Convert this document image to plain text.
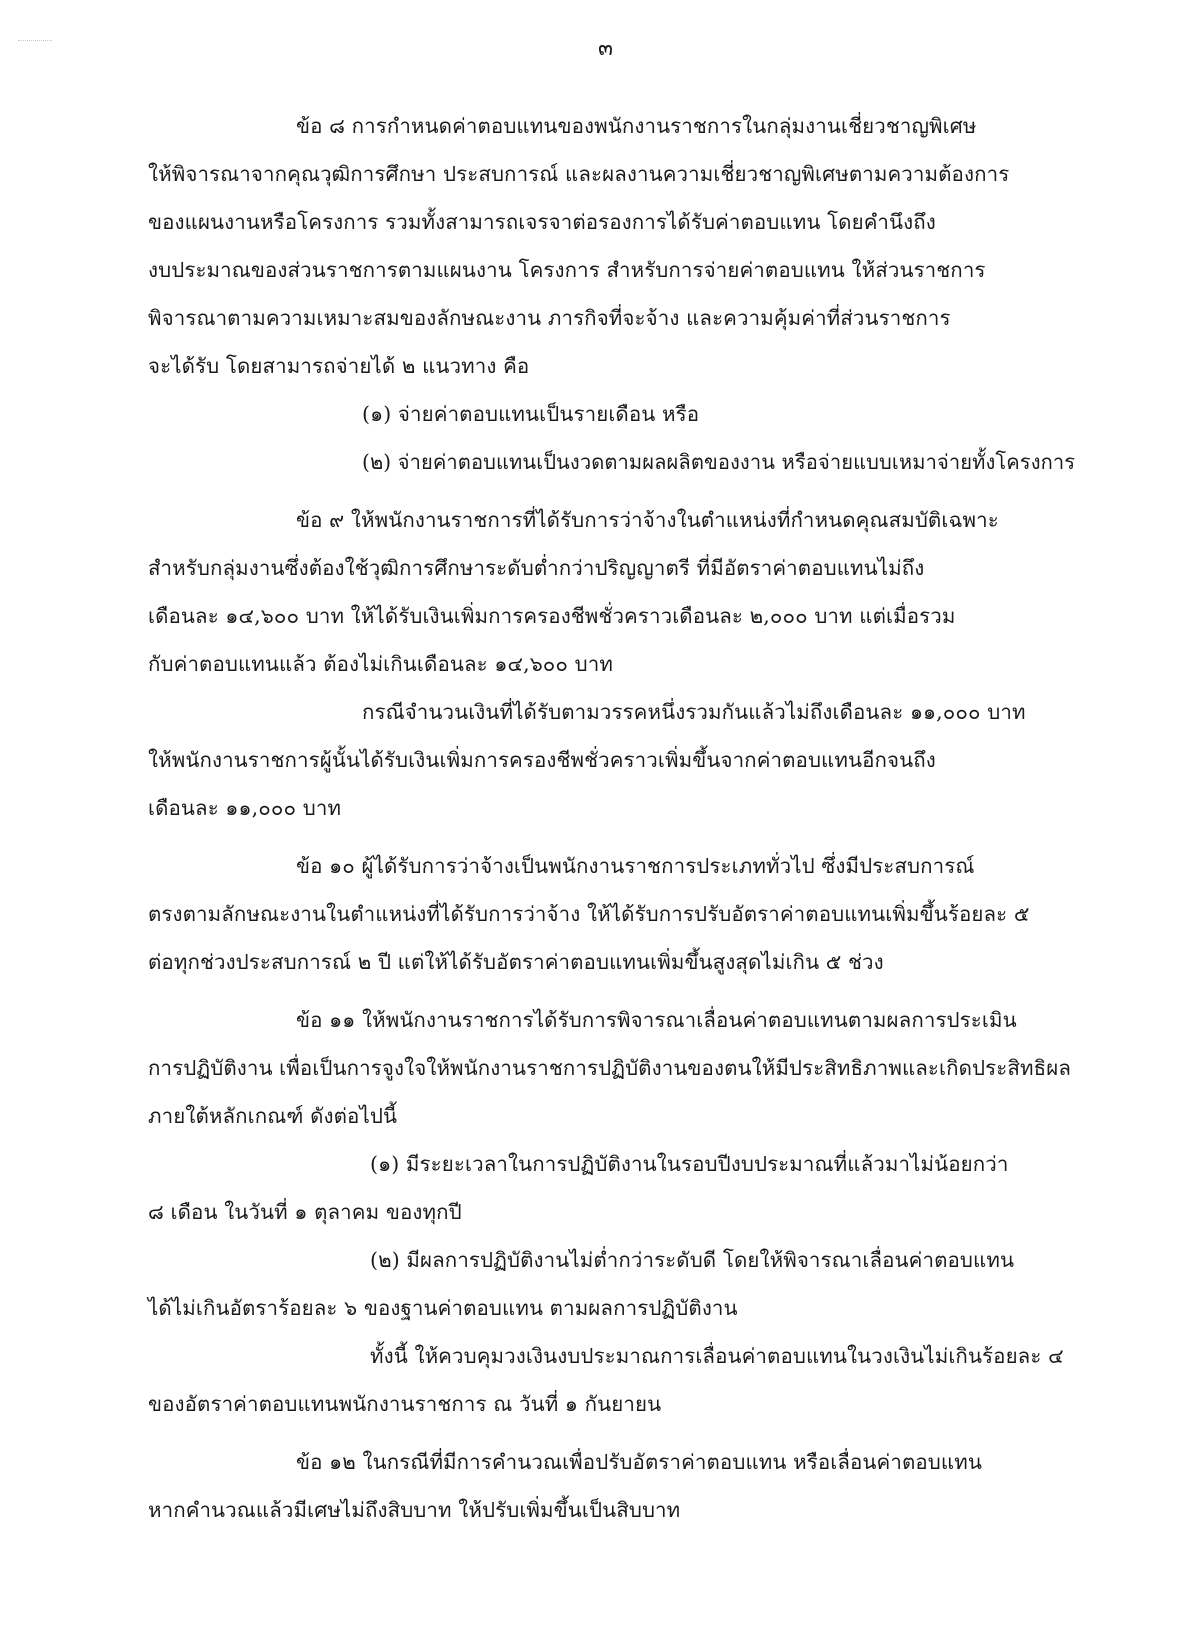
๓
ข้อ ๘ การกำหนดค่าตอบแทนของพนักงานราชการในกลุ่มงานเชี่ยวชาญพิเศษ
ให้พิจารณาจากคุณวุฒิการศึกษา ประสบการณ์ และผลงานความเชี่ยวชาญพิเศษตามความต้องการ
ของแผนงานหรือโครงการ รวมทั้งสามารถเจรจาต่อรองการได้รับค่าตอบแทน โดยคำนึงถึง
งบประมาณของส่วนราชการตามแผนงาน โครงการ สำหรับการจ่ายค่าตอบแทน ให้ส่วนราชการ
พิจารณาตามความเหมาะสมของลักษณะงาน ภารกิจที่จะจ้าง และความคุ้มค่าที่ส่วนราชการ
จะได้รับ โดยสามารถจ่ายได้ ๒ แนวทาง คือ
(๑) จ่ายค่าตอบแทนเป็นรายเดือน หรือ
(๒) จ่ายค่าตอบแทนเป็นงวดตามผลผลิตของงาน หรือจ่ายแบบเหมาจ่ายทั้งโครงการ
ข้อ ๙ ให้พนักงานราชการที่ได้รับการว่าจ้างในตำแหน่งที่กำหนดคุณสมบัติเฉพาะ
สำหรับกลุ่มงานซึ่งต้องใช้วุฒิการศึกษาระดับต่ำกว่าปริญญาตรี ที่มีอัตราค่าตอบแทนไม่ถึง
เดือนละ ๑๔,๖๐๐ บาท ให้ได้รับเงินเพิ่มการครองชีพชั่วคราวเดือนละ ๒,๐๐๐ บาท แต่เมื่อรวม
กับค่าตอบแทนแล้ว ต้องไม่เกินเดือนละ ๑๔,๖๐๐ บาท
กรณีจำนวนเงินที่ได้รับตามวรรคหนึ่งรวมกันแล้วไม่ถึงเดือนละ ๑๑,๐๐๐ บาท
ให้พนักงานราชการผู้นั้นได้รับเงินเพิ่มการครองชีพชั่วคราวเพิ่มขึ้นจากค่าตอบแทนอีกจนถึง
เดือนละ ๑๑,๐๐๐ บาท
ข้อ ๑๐ ผู้ได้รับการว่าจ้างเป็นพนักงานราชการประเภททั่วไป ซึ่งมีประสบการณ์
ตรงตามลักษณะงานในตำแหน่งที่ได้รับการว่าจ้าง ให้ได้รับการปรับอัตราค่าตอบแทนเพิ่มขึ้นร้อยละ ๕
ต่อทุกช่วงประสบการณ์ ๒ ปี แต่ให้ได้รับอัตราค่าตอบแทนเพิ่มขึ้นสูงสุดไม่เกิน ๕ ช่วง
ข้อ ๑๑ ให้พนักงานราชการได้รับการพิจารณาเลื่อนค่าตอบแทนตามผลการประเมิน
การปฏิบัติงาน เพื่อเป็นการจูงใจให้พนักงานราชการปฏิบัติงานของตนให้มีประสิทธิภาพและเกิดประสิทธิผล
ภายใต้หลักเกณฑ์ ดังต่อไปนี้
(๑) มีระยะเวลาในการปฏิบัติงานในรอบปีงบประมาณที่แล้วมาไม่น้อยกว่า
๘ เดือน ในวันที่ ๑ ตุลาคม ของทุกปี
(๒) มีผลการปฏิบัติงานไม่ต่ำกว่าระดับดี โดยให้พิจารณาเลื่อนค่าตอบแทน
ได้ไม่เกินอัตราร้อยละ ๖ ของฐานค่าตอบแทน ตามผลการปฏิบัติงาน
ทั้งนี้ ให้ควบคุมวงเงินงบประมาณการเลื่อนค่าตอบแทนในวงเงินไม่เกินร้อยละ ๔
ของอัตราค่าตอบแทนพนักงานราชการ ณ วันที่ ๑ กันยายน
ข้อ ๑๒ ในกรณีที่มีการคำนวณเพื่อปรับอัตราค่าตอบแทน หรือเลื่อนค่าตอบแทน
หากคำนวณแล้วมีเศษไม่ถึงสิบบาท ให้ปรับเพิ่มขึ้นเป็นสิบบาท
